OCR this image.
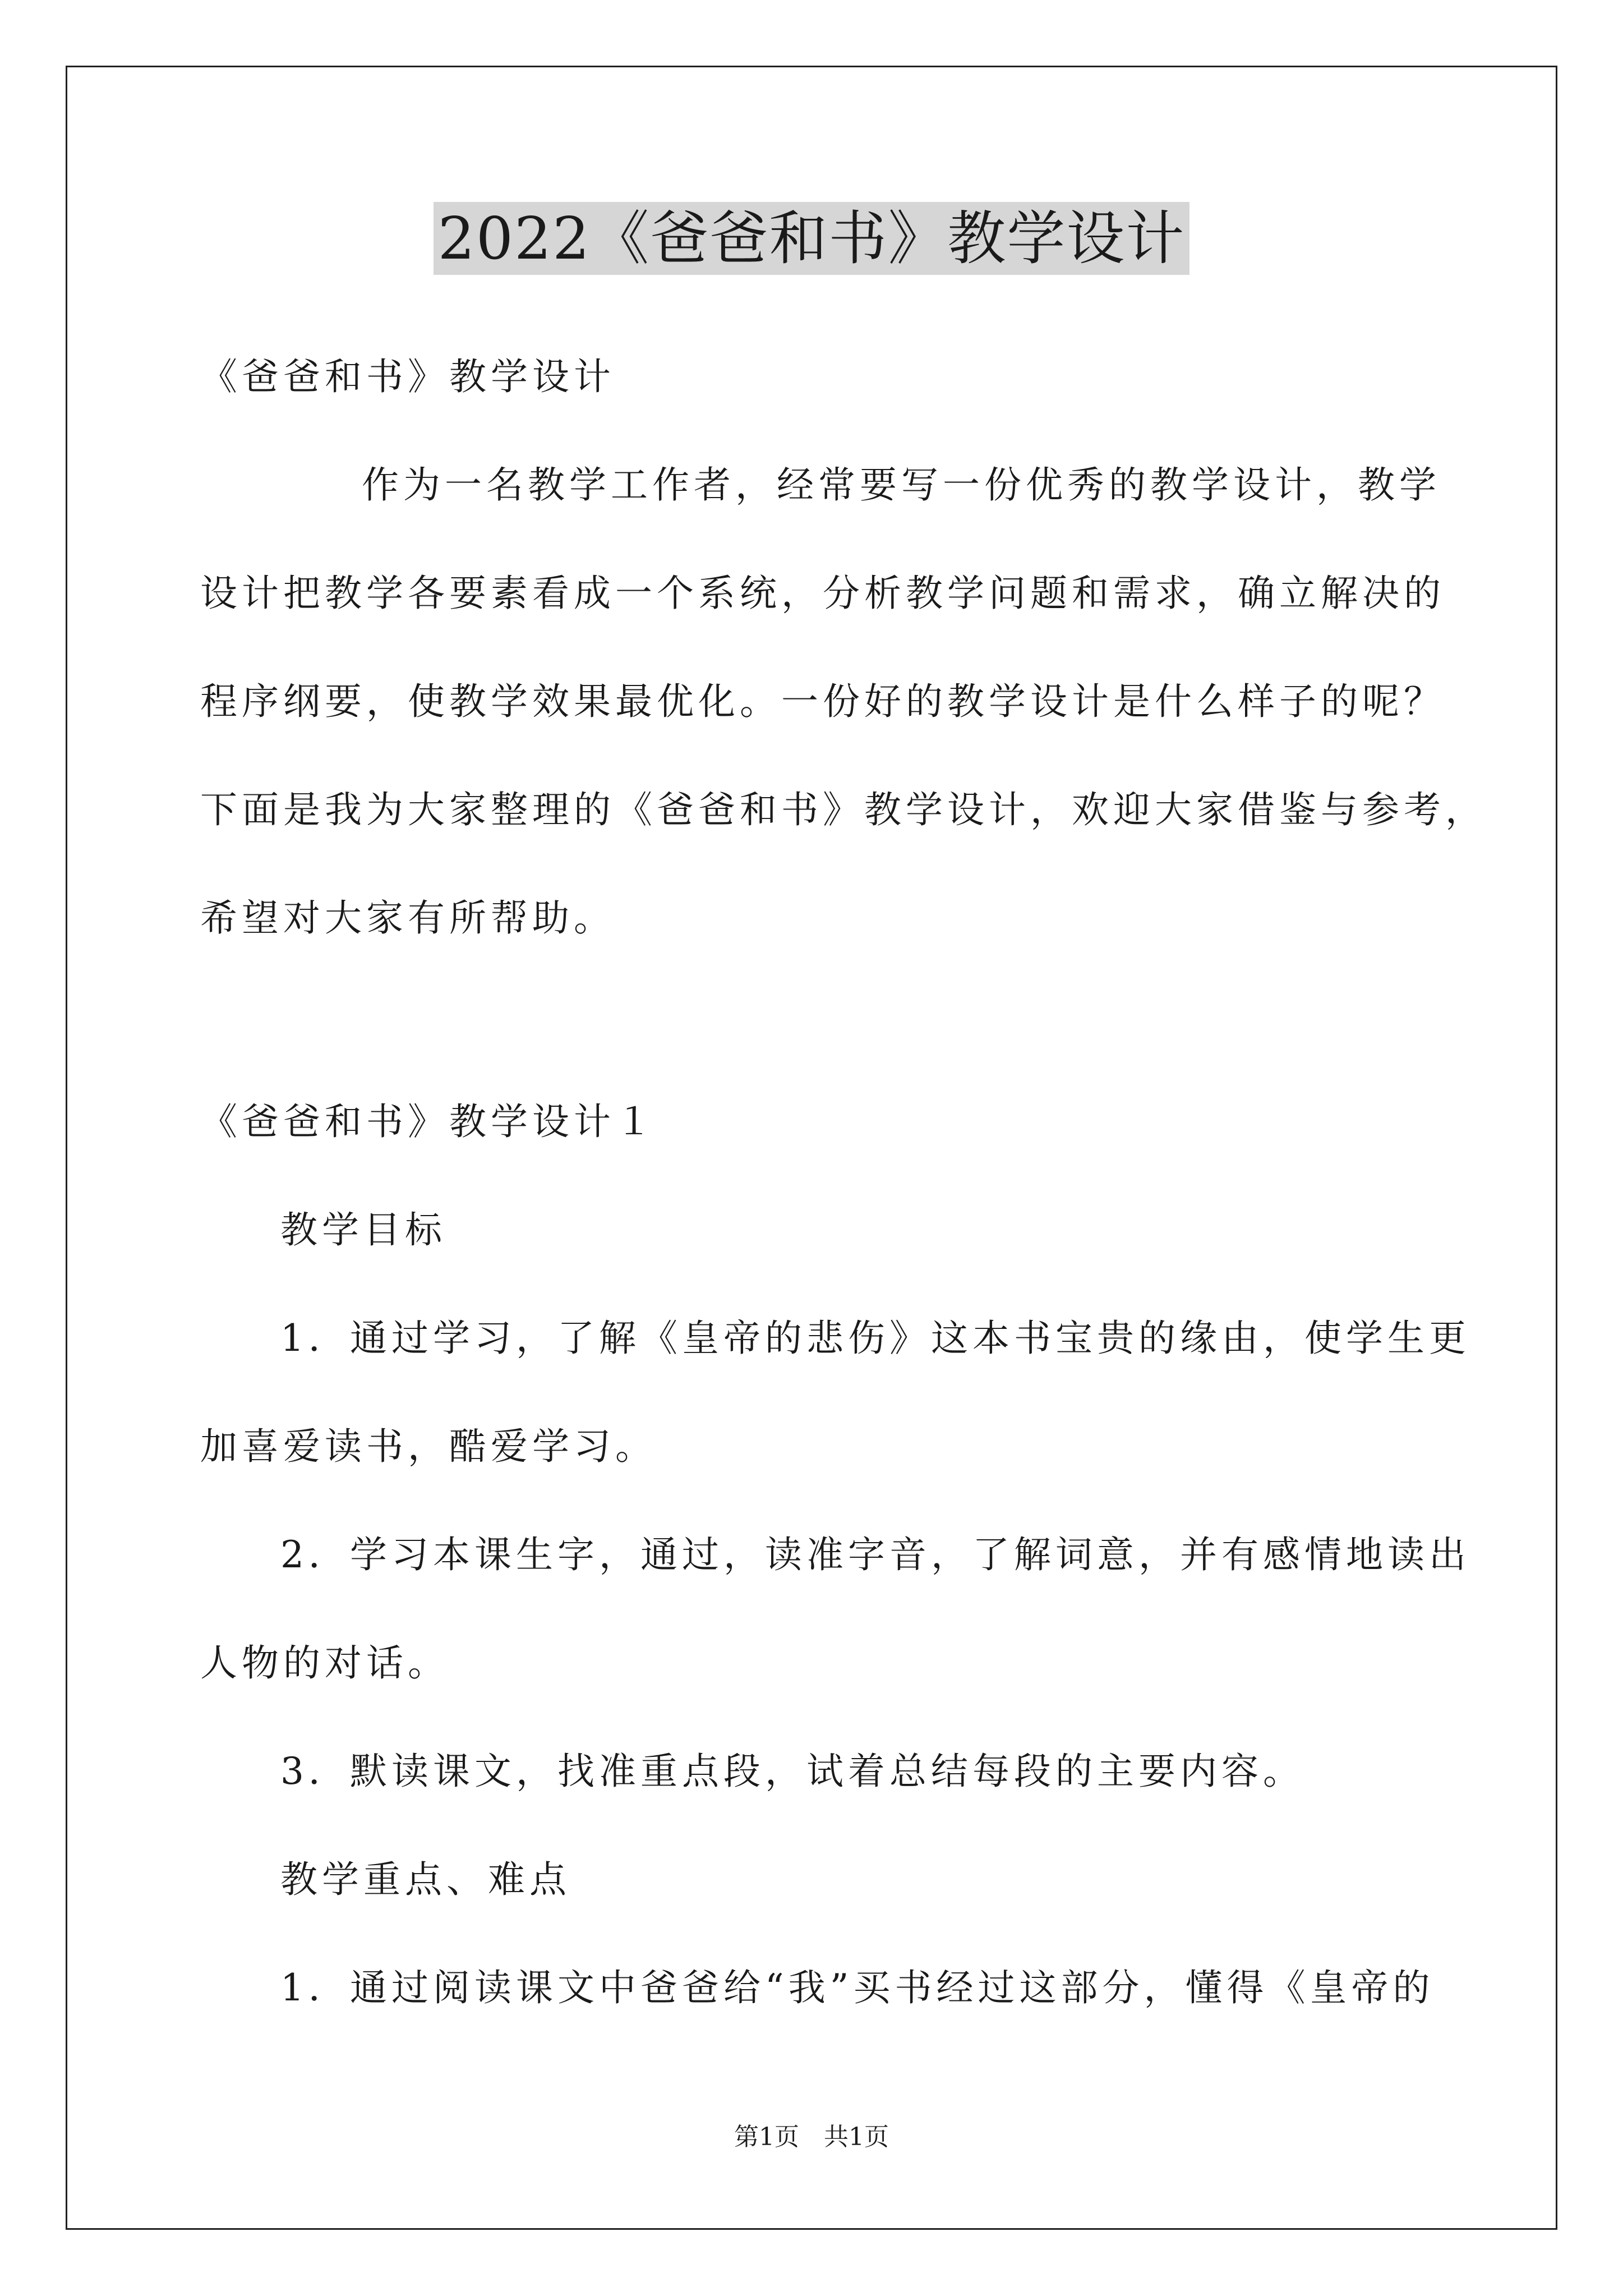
2022《爸爸和书》教学设计
《爸爸和书》教学设计
作为一名教学工作者，经常要写一份优秀的教学设计，教学
设计把教学各要素看成一个系统，分析教学问题和需求，确立解决的
程序纲要，使教学效果最优化。一份好的教学设计是什么样子的呢？
下面是我为大家整理的《爸爸和书》教学设计，欢迎大家借鉴与参考，
希望对大家有所帮助。
《爸爸和书》教学设计１
教学目标
1．通过学习，了解《皇帝的悲伤》这本书宝贵的缘由，使学生更
加喜爱读书，酷爱学习。
2．学习本课生字，通过，读准字音，了解词意，并有感情地读出
人物的对话。
3．默读课文，找准重点段，试着总结每段的主要内容。
教学重点、难点
1．通过阅读课文中爸爸给“我”买书经过这部分，懂得《皇帝的
第1页　共1页
